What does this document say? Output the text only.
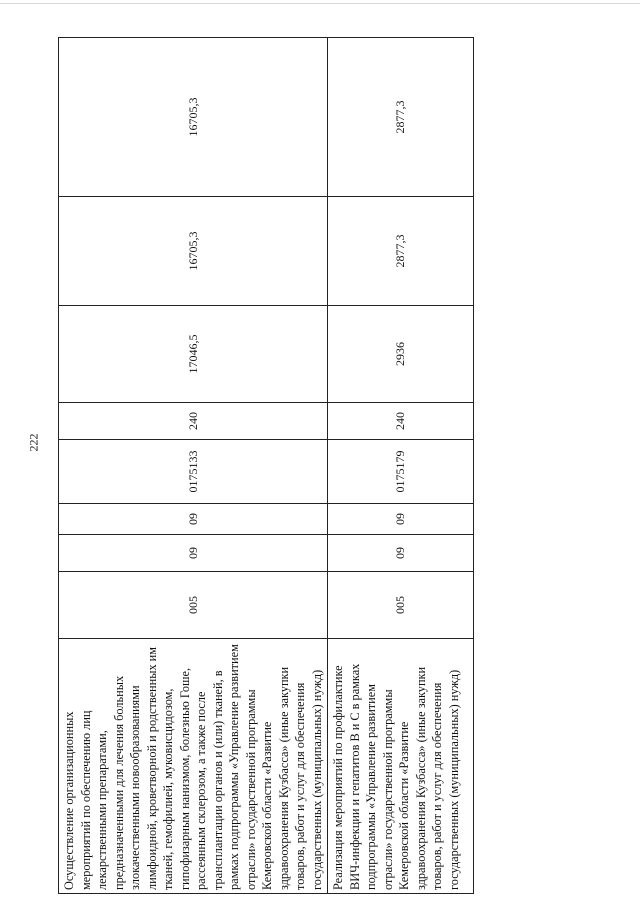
222
Осуществление организационных мероприятий по обеспечению лиц лекарственными препаратами, предназначенными для лечения больных злокачественными новообразованиями лимфоидной, кроветворной и родственных им тканей, гемофилией, муковисцидозом, гипофизарным нанизмом, болезнью Гоше, рассеянным склерозом, а также после трансплантации органов и (или) тканей, в рамках подпрограммы «Управление развитием отрасли» государственной программы Кемеровской области «Развитие здравоохранения Кузбасса» (иные закупки товаров, работ и услуг для обеспечения государственных (муниципальных) нужд)	005	09	09	0175133	240	17046,5	16705,3	16705,3
Реализация мероприятий по профилактике ВИЧ-инфекции и гепатитов В и С в рамках подпрограммы «Управление развитием отрасли» государственной программы Кемеровской области «Развитие здравоохранения Кузбасса» (иные закупки товаров, работ и услуг для обеспечения государственных (муниципальных) нужд)	005	09	09	0175179	240	2936	2877,3	2877,3
